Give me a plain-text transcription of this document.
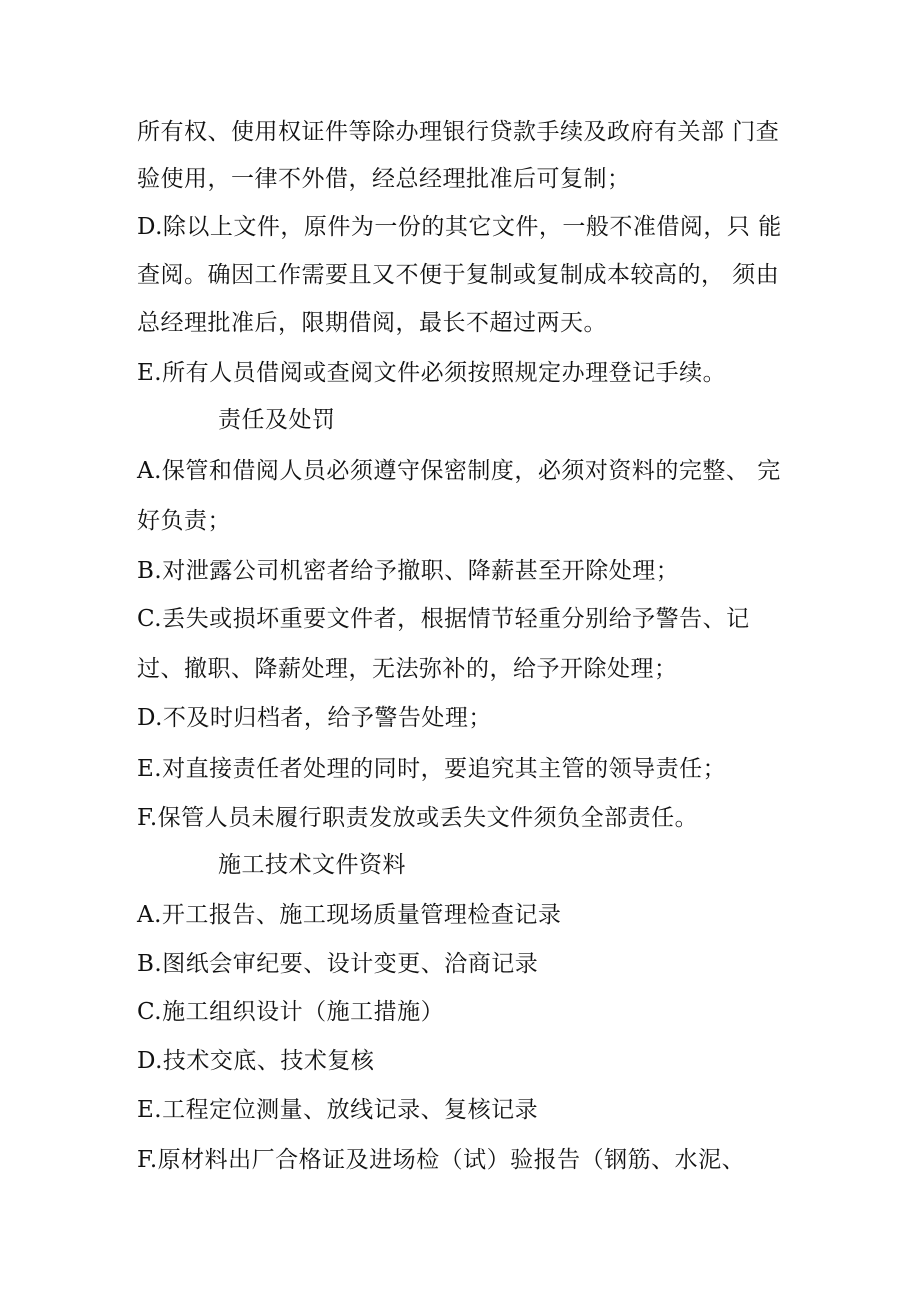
所有权、使用权证件等除办理银行贷款手续及政府有关部 门查
验使用，一律不外借，经总经理批准后可复制；
D.除以上文件，原件为一份的其它文件，一般不准借阅，只 能
查阅。确因工作需要且又不便于复制或复制成本较高的， 须由
总经理批准后，限期借阅，最长不超过两天。
E.所有人员借阅或查阅文件必须按照规定办理登记手续。
责任及处罚
A.保管和借阅人员必须遵守保密制度，必须对资料的完整、 完
好负责；
B.对泄露公司机密者给予撤职、降薪甚至开除处理；
C.丢失或损坏重要文件者，根据情节轻重分别给予警告、记
过、撤职、降薪处理，无法弥补的，给予开除处理；
D.不及时归档者，给予警告处理；
E.对直接责任者处理的同时，要追究其主管的领导责任；
F.保管人员未履行职责发放或丢失文件须负全部责任。
施工技术文件资料
A.开工报告、施工现场质量管理检查记录
B.图纸会审纪要、设计变更、洽商记录
C.施工组织设计（施工措施）
D.技术交底、技术复核
E.工程定位测量、放线记录、复核记录
F.原材料出厂合格证及进场检（试）验报告（钢筋、水泥、
